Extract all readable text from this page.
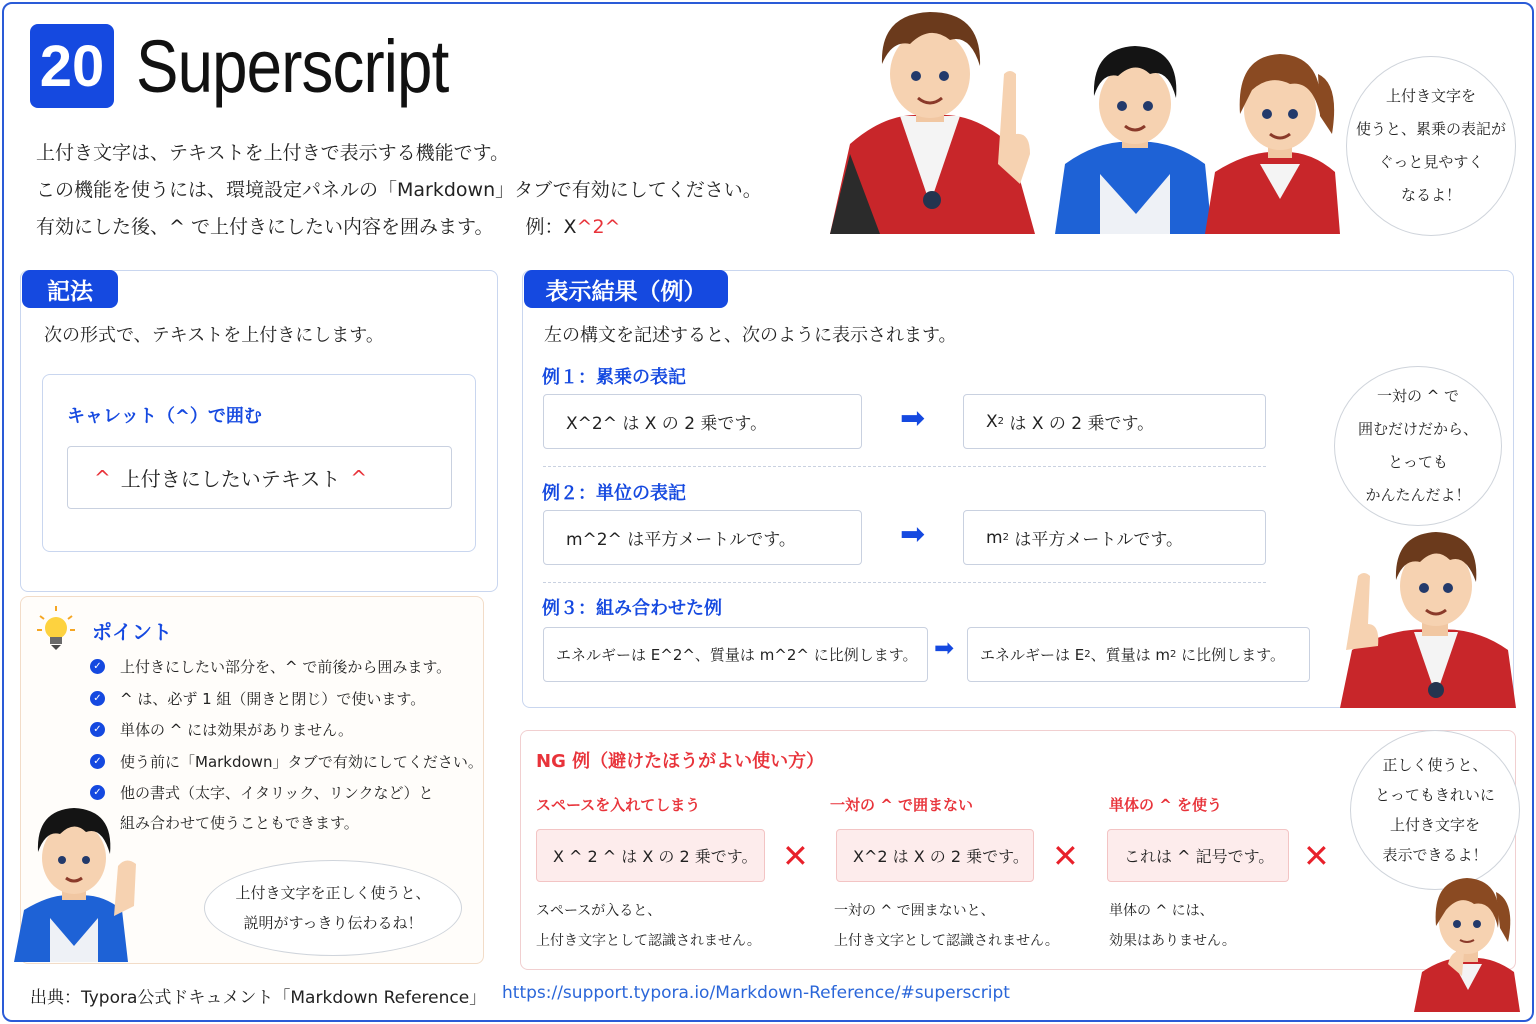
20 Superscript
上付き文字は、テキストを上付きで表示する機能です。
この機能を使うには、環境設定パネルの「Markdown」タブで有効にしてください。
有効にした後、^ で上付きにしたい内容を囲みます。 例：X^2^
上付き文字を
使うと、累乗の表記が
ぐっと見やすく
なるよ！
記法
次の形式で、テキストを上付きにします。
キャレット（^）で囲む
^ 上付きにしたいテキスト ^
ポイント
✓ 上付きにしたい部分を、^ で前後から囲みます。
✓ ^ は、必ず 1 組（開きと閉じ）で使います。
✓ 単体の ^ には効果がありません。
✓ 使う前に「Markdown」タブで有効にしてください。
✓ 他の書式（太字、イタリック、リンクなど）と
組み合わせて使うこともできます。
上付き文字を正しく使うと、
説明がすっきり伝わるね！
表示結果（例）
左の構文を記述すると、次のように表示されます。
例１：累乗の表記
X^2^ は X の 2 乗です。	➡	X 2 は X の 2 乗です。
例２：単位の表記
m^2^ は平方メートルです。	➡	m 2 は平方メートルです。
例３：組み合わせた例
エネルギーは E^2^、質量は m^2^ に比例します。 ➡ エネルギーは E 2 、質量は m 2 に比例します。
一対の ^ で
囲むだけだから、
とっても
かんたんだよ！
NG 例（避けたほうがよい使い方）
スペースを入れてしまう
X ^ 2 ^ は X の 2 乗です。 ✕
スペースが入ると、
上付き文字として認識されません。
一対の ^ で囲まない
X^2 は X の 2 乗です。 ✕
一対の ^ で囲まないと、
上付き文字として認識されません。
単体の ^ を使う
これは ^ 記号です。 ✕
単体の ^ には、
効果はありません。
正しく使うと、
とってもきれいに
上付き文字を
表示できるよ！
出典：Typora公式ドキュメント「Markdown Reference」 https://support.typora.io/Markdown-Reference/#superscript
